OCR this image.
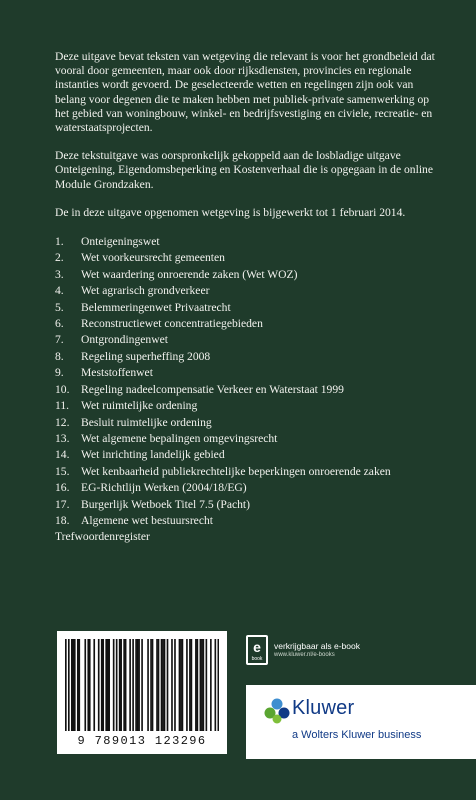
Deze uitgave bevat teksten van wetgeving die relevant is voor het grondbeleid dat vooral door gemeenten, maar ook door rijksdiensten, provincies en regionale instanties wordt gevoerd. De geselecteerde wetten en regelingen zijn ook van belang voor degenen die te maken hebben met publiek-private samenwerking op het gebied van woningbouw, winkel- en bedrijfsvestiging en civiele, recreatie- en waterstaatsprojecten.

Deze tekstuitgave was oorspronkelijk gekoppeld aan de losbladige uitgave Onteigening, Eigendomsbeperking en Kostenverhaal die is opgegaan in de online Module Grondzaken.

De in deze uitgave opgenomen wetgeving is bijgewerkt tot 1 februari 2014.

1.	Onteigeningswet
2.	Wet voorkeursrecht gemeenten
3.	Wet waardering onroerende zaken (Wet WOZ)
4.	Wet agrarisch grondverkeer
5.	Belemmeringenwet Privaatrecht
6.	Reconstructiewet concentratiegebieden
7.	Ontgrondingenwet
8.	Regeling superheffing 2008
9.	Meststoffenwet
10. Regeling nadeelcompensatie Verkeer en Waterstaat 1999
11.	Wet ruimtelijke ordening
12. Besluit ruimtelijke ordening
13. Wet algemene bepalingen omgevingsrecht
14. Wet inrichting landelijk gebied
15. Wet kenbaarheid publiekrechtelijke beperkingen onroerende zaken
16. EG-Richtlijn Werken (2004/18/EG)
17. Burgerlijk Wetboek Titel 7.5 (Pacht)
18. Algemene wet bestuursrecht
Trefwoordenregister
9 789013 123296
e
book
verkrijgbaar als e-book
www.kluwer.nl/e-books
Kluwer
a Wolters Kluwer business
